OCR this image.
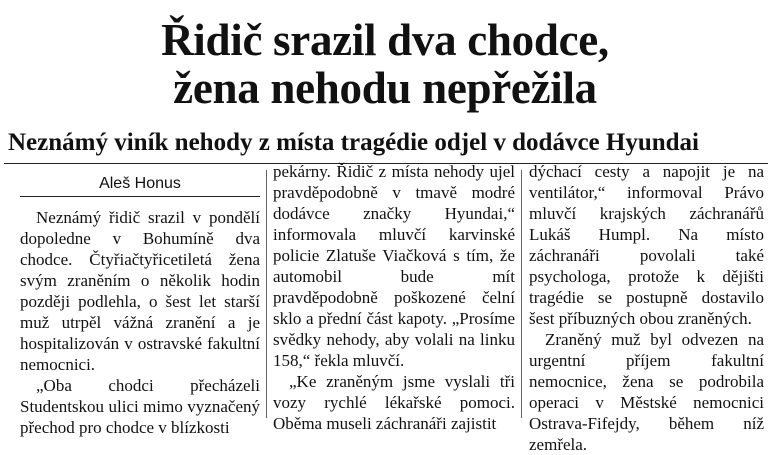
Řidič srazil dva chodce,
žena nehodu nepřežila
Neznámý viník nehody z místa tragédie odjel v dodávce Hyundai
Aleš Honus

Neznámý řidič srazil v pondělí dopoledne v Bohumíně dva chodce. Čtyřiačtyřicetiletá žena svým zraněním o několik hodin později podlehla, o šest let starší muž utrpěl vážná zranění a je hospitalizován v ostravské fakultní nemocnici.

„Oba chodci přecházeli Studentskou ulici mimo vyznačený přechod pro chodce v blízkosti

pekárny. Řidič z místa nehody ujel pravděpodobně v tmavě modré dodávce značky Hyundai,“ informovala mluvčí karvinské policie Zlatuše Viačková s tím, že automobil bude mít pravděpodobně poškozené čelní sklo a přední část kapoty. „Prosíme svědky nehody, aby volali na linku 158,“ řekla mluvčí.

„Ke zraněným jsme vyslali tři vozy rychlé lékařské pomoci. Oběma museli záchranáři zajistit

dýchací cesty a napojit je na ventilátor,“ informoval Právo mluvčí krajských záchranářů Lukáš Humpl. Na místo záchranáři povolali také psychologa, protože k dějišti tragédie se postupně dostavilo šest příbuzných obou zraněných.

Zraněný muž byl odvezen na urgentní příjem fakultní nemocnice, žena se podrobila operaci v Městské nemocnici Ostrava-Fifejdy, během níž zemřela.
